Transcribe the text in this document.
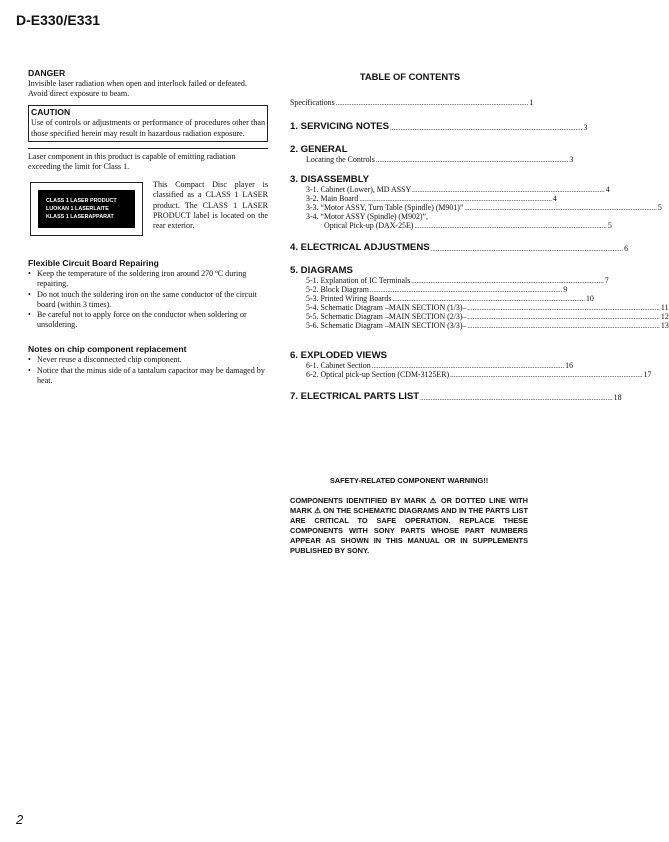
D-E330/E331
DANGER

Invisible laser radiation when open and interlock failed or defeated. Avoid direct exposure to beam.

CAUTION

Use of controls or adjustments or performance of procedures other than those specified herein may result in hazardous radiation exposure.

Laser component in this product is capable of emitting radiation exceeding the limit for Class 1.

CLASS 1 LASER PRODUCT
LUOKAN 1 LASERLAITE
KLASS 1 LASERAPPARAT
This Compact Disc player is classified as a CLASS 1 LASER product. The CLASS 1 LASER PRODUCT label is located on the rear exterior.
Flexible Circuit Board Repairing
• Keep the temperature of the soldering iron around 270 ºC during repairing.
• Do not touch the soldering iron on the same conductor of the circuit board (within 3 times).
• Be careful not to apply force on the conductor when soldering or unsoldering.
Notes on chip component replacement
• Never reuse a disconnected chip component.
• Notice that the minus side of a tantalum capacitor may be damaged by heat.
TABLE OF CONTENTS
Specifications .............................................................................................................. 1
1. SERVICING NOTES .............................................................................................................. 3
2. GENERAL
Locating the Controls .............................................................................................................. 3
3. DISASSEMBLY
3-1. Cabinet (Lower), MD ASSY .............................................................................................................. 4
3-2. Main Board .............................................................................................................. 4
3-3. “Motor ASSY, Turn Table (Spindle) (M901)” .............................................................................................................. 5
3-4. “Motor ASSY (Spindle) (M902)”,
Optical Pick-up (DAX-25E) .............................................................................................................. 5
4. ELECTRICAL ADJUSTMENS .............................................................................................................. 6
5. DIAGRAMS
5-1. Explanation of IC Terminals .............................................................................................................. 7
5-2. Block Diagram .............................................................................................................. 9
5-3. Printed Wiring Boards .............................................................................................................. 10
5-4. Schematic Diagram –MAIN SECTION (1/3)– .............................................................................................................. 11
5-5. Schematic Diagram –MAIN SECTION (2/3)– .............................................................................................................. 12
5-6. Schematic Diagram –MAIN SECTION (3/3)– .............................................................................................................. 13
6. EXPLODED VIEWS
6-1. Cabinet Section .............................................................................................................. 16
6-2. Optical pick-up Section (CDM-3125ER) .............................................................................................................. 17
7. ELECTRICAL PARTS LIST .............................................................................................................. 18
SAFETY-RELATED COMPONENT WARNING!!
COMPONENTS IDENTIFIED BY MARK ⚠ OR DOTTED LINE WITH MARK ⚠ ON THE SCHEMATIC DIAGRAMS AND IN THE PARTS LIST ARE CRITICAL TO SAFE OPERATION. REPLACE THESE COMPONENTS WITH SONY PARTS WHOSE PART NUMBERS APPEAR AS SHOWN IN THIS MANUAL OR IN SUPPLEMENTS PUBLISHED BY SONY.
2
